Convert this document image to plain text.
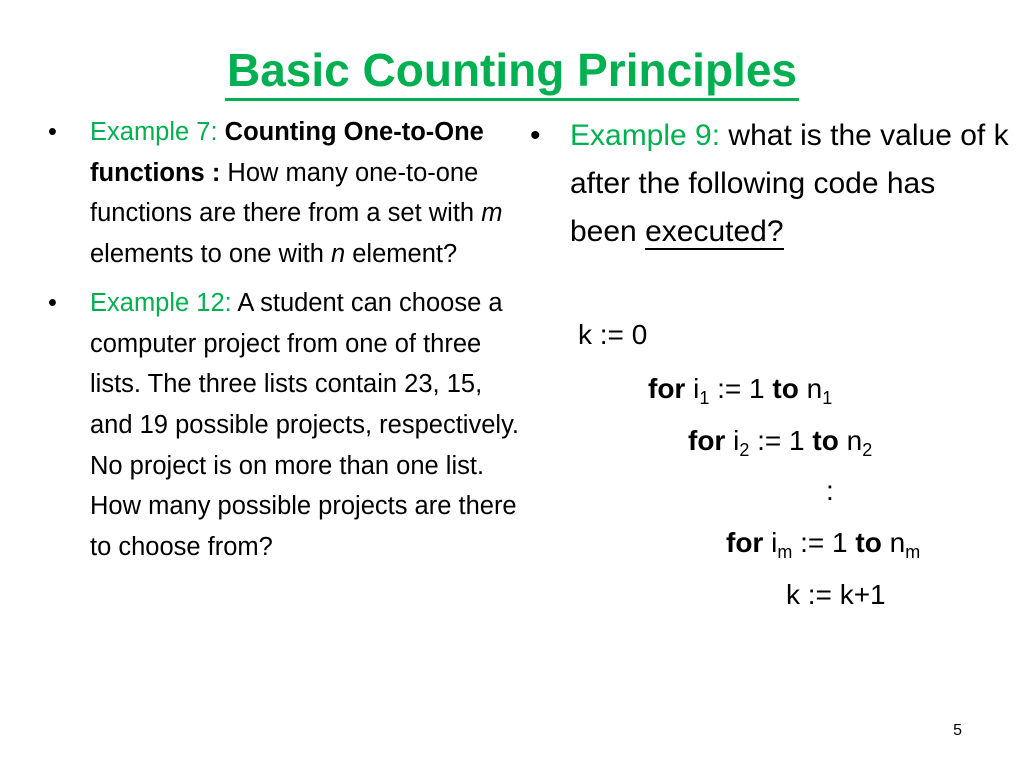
Basic Counting Principles
• Example 7: Counting One-to-One functions : How many one-to-one functions are there from a set with m elements to one with n element?
• Example 12: A student can choose a computer project from one of three lists. The three lists contain 23, 15, and 19 possible projects, respectively. No project is on more than one list. How many possible projects are there to choose from?
• Example 9: what is the value of k after the following code has been executed?
k := 0
for $i_1$ := 1 to $n_1$
for $i_2$ := 1 to $n_2$
:
for $i_m$ := 1 to $n_m$
k := k+1
5
